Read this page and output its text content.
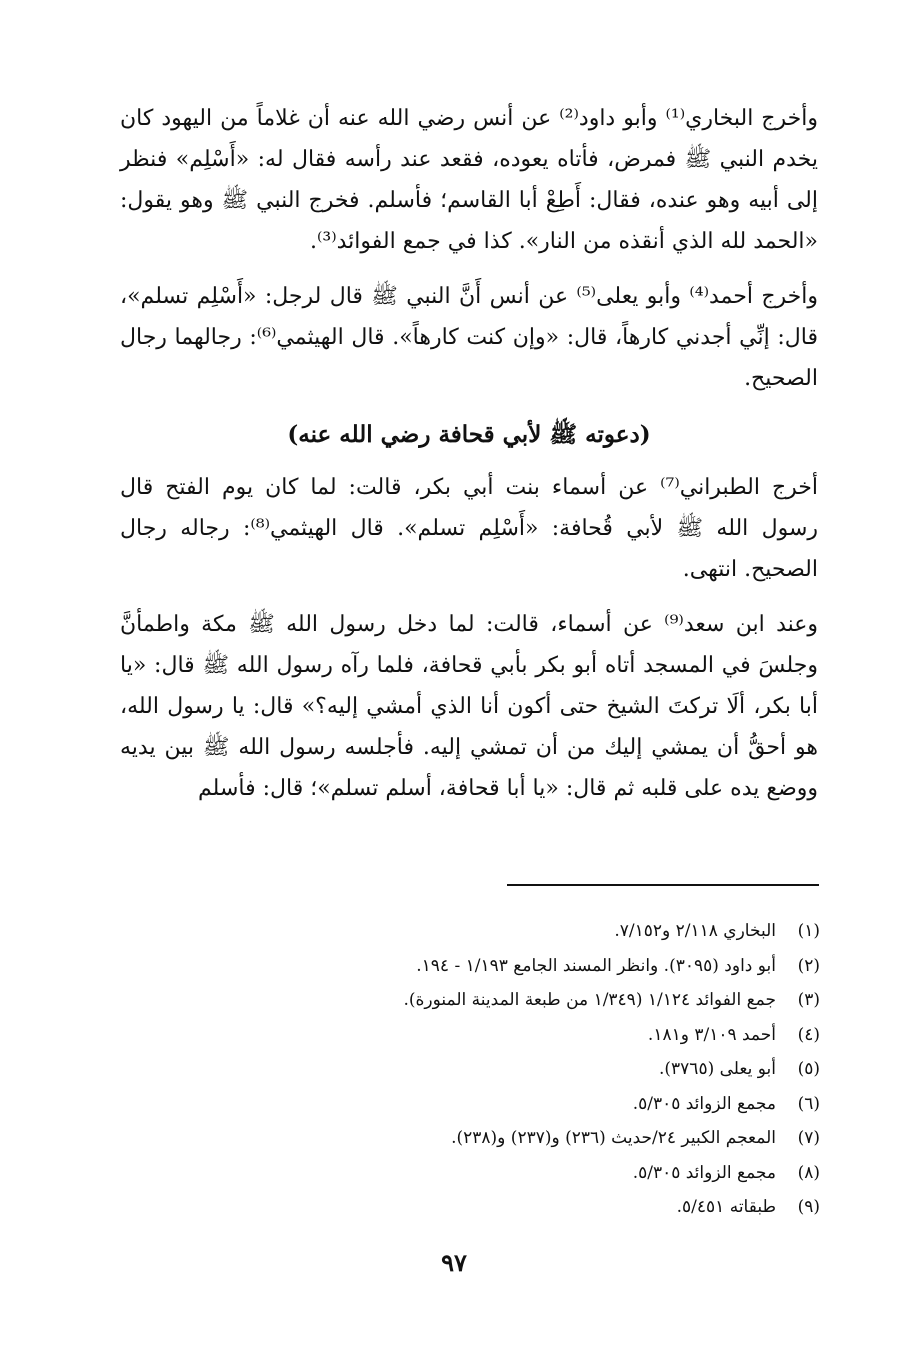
وأخرج البخاري⁽¹⁾ وأبو داود⁽²⁾ عن أنس رضي الله عنه أن غلاماً من اليهود كان يخدم النبي ﷺ فمرض، فأتاه يعوده، فقعد عند رأسه فقال له: «أَسْلِم» فنظر إلى أبيه وهو عنده، فقال: أَطِعْ أبا القاسم؛ فأسلم. فخرج النبي ﷺ وهو يقول: «الحمد لله الذي أنقذه من النار». كذا في جمع الفوائد⁽³⁾.

وأخرج أحمد⁽⁴⁾ وأبو يعلى⁽⁵⁾ عن أنس أَنَّ النبي ﷺ قال لرجل: «أَسْلِم تسلم»، قال: إنِّي أجدني كارهاً، قال: «وإن كنت كارهاً». قال الهيثمي⁽⁶⁾: رجالهما رجال الصحيح.

(دعوته ﷺ لأبي قحافة رضي الله عنه)

أخرج الطبراني⁽⁷⁾ عن أسماء بنت أبي بكر، قالت: لما كان يوم الفتح قال رسول الله ﷺ لأبي قُحافة: «أَسْلِم تسلم». قال الهيثمي⁽⁸⁾: رجاله رجال الصحيح. انتهى.

وعند ابن سعد⁽⁹⁾ عن أسماء، قالت: لما دخل رسول الله ﷺ مكة واطمأنَّ وجلسَ في المسجد أتاه أبو بكر بأبي قحافة، فلما رآه رسول الله ﷺ قال: «يا أبا بكر، ألَا تركتَ الشيخ حتى أكون أنا الذي أمشي إليه؟» قال: يا رسول الله، هو أحقُّ أن يمشي إليك من أن تمشي إليه. فأجلسه رسول الله ﷺ بين يديه ووضع يده على قلبه ثم قال: «يا أبا قحافة، أسلم تسلم»؛ قال: فأسلم

(١)
البخاري ٢/١١٨ و٧/١٥٢.
(٢)
أبو داود (٣٠٩٥). وانظر المسند الجامع ١/١٩٣ - ١٩٤.
(٣)
جمع الفوائد ١/١٢٤ (١/٣٤٩ من طبعة المدينة المنورة).
(٤)
أحمد ٣/١٠٩ و١٨١.
(٥)
أبو يعلى (٣٧٦٥).
(٦)
مجمع الزوائد ٥/٣٠٥.
(٧)
المعجم الكبير ٢٤/حديث (٢٣٦) و(٢٣٧) و(٢٣٨).
(٨)
مجمع الزوائد ٥/٣٠٥.
(٩)
طبقاته ٥/٤٥١.
٩٧
